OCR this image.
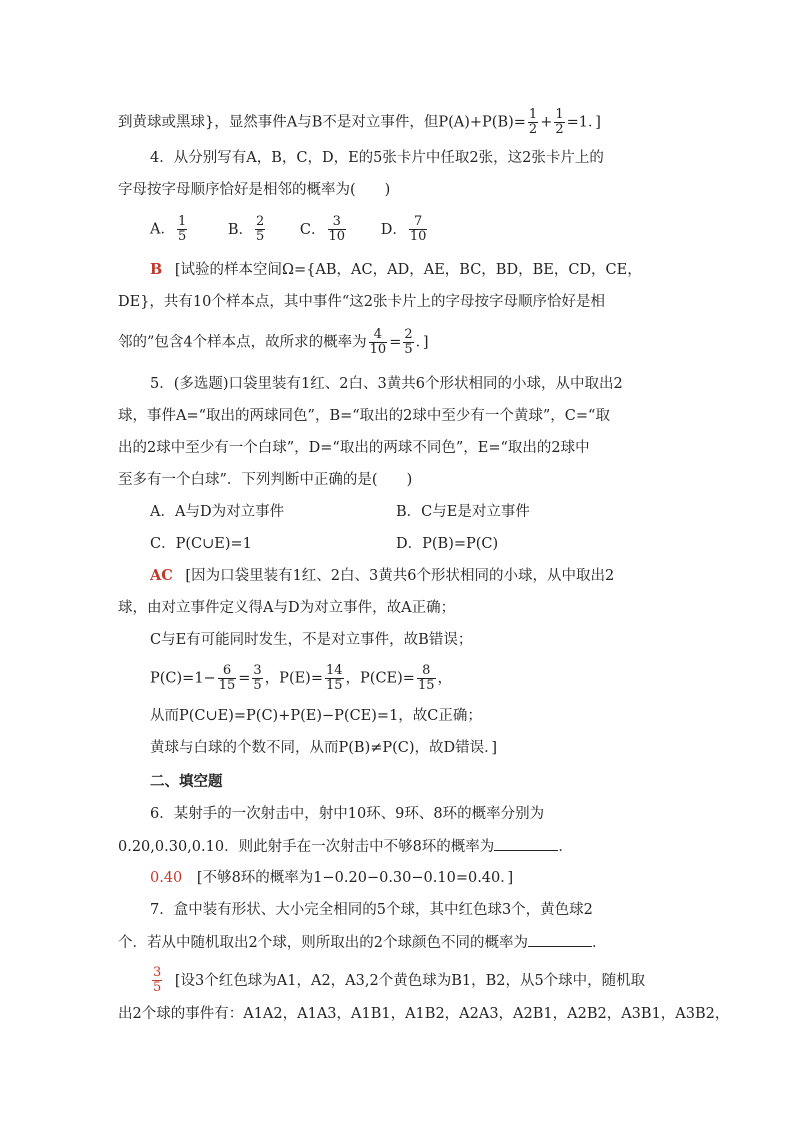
到黄球或黑球}，显然事件A与B不是对立事件，但$P(A)+P(B)= \frac{1}{2} + \frac{1}{2} =1$．]
4．从分别写有A，B，C，D，E的5张卡片中任取2张，这2张卡片上的
字母按字母顺序恰好是相邻的概率为(　　)
A． $\frac{1}{5}$	B． $\frac{2}{5}$ C． $\frac{3}{10}$ D． $\frac{7}{10}$
B [试验的样本空间Ω={AB，AC，AD，AE，BC，BD，BE，CD，CE，
DE}，共有10个样本点，其中事件“这2张卡片上的字母按字母顺序恰好是相
邻的”包含4个样本点，故所求的概率为 $\frac{4}{10} = \frac{2}{5}$ ．]
5．(多选题)口袋里装有1红、2白、3黄共6个形状相同的小球，从中取出2
球，事件A=“取出的两球同色”，B=“取出的2球中至少有一个黄球”，C=“取
出的2球中至少有一个白球”，D=“取出的两球不同色”，E=“取出的2球中
至多有一个白球”．下列判断中正确的是(　　)
A．A与D为对立事件	B．C与E是对立事件
C．P(C∪E)=1	D．P(B)=P(C)
AC [因为口袋里装有1红、2白、3黄共6个形状相同的小球，从中取出2
球，由对立事件定义得A与D为对立事件，故A正确；
C与E有可能同时发生，不是对立事件，故B错误；
$P(C)=1- \frac{6}{15} = \frac{3}{5}$ ，$P(E)= \frac{14}{15}$ ，$P(CE)= \frac{8}{15}$ ，
从而P(C∪E)=P(C)+P(E)−P(CE)=1，故C正确；
黄球与白球的个数不同，从而P(B)≠P(C)，故D错误．]
二、填空题
6．某射手的一次射击中，射中10环、9环、8环的概率分别为
0.20,0.30,0.10．则此射手在一次射击中不够8环的概率为	．
0.40 [不够8环的概率为1−0.20−0.30−0.10=0.40．]
7．盒中装有形状、大小完全相同的5个球，其中红色球3个，黄色球2
个．若从中随机取出2个球，则所取出的2个球颜色不同的概率为	．
$\frac{3}{5}$ [设3个红色球为A1，A2，A3,2个黄色球为B1，B2，从5个球中，随机取
出2个球的事件有：A1A2，A1A3，A1B1，A1B2，A2A3，A2B1，A2B2，A3B1，A3B2，
